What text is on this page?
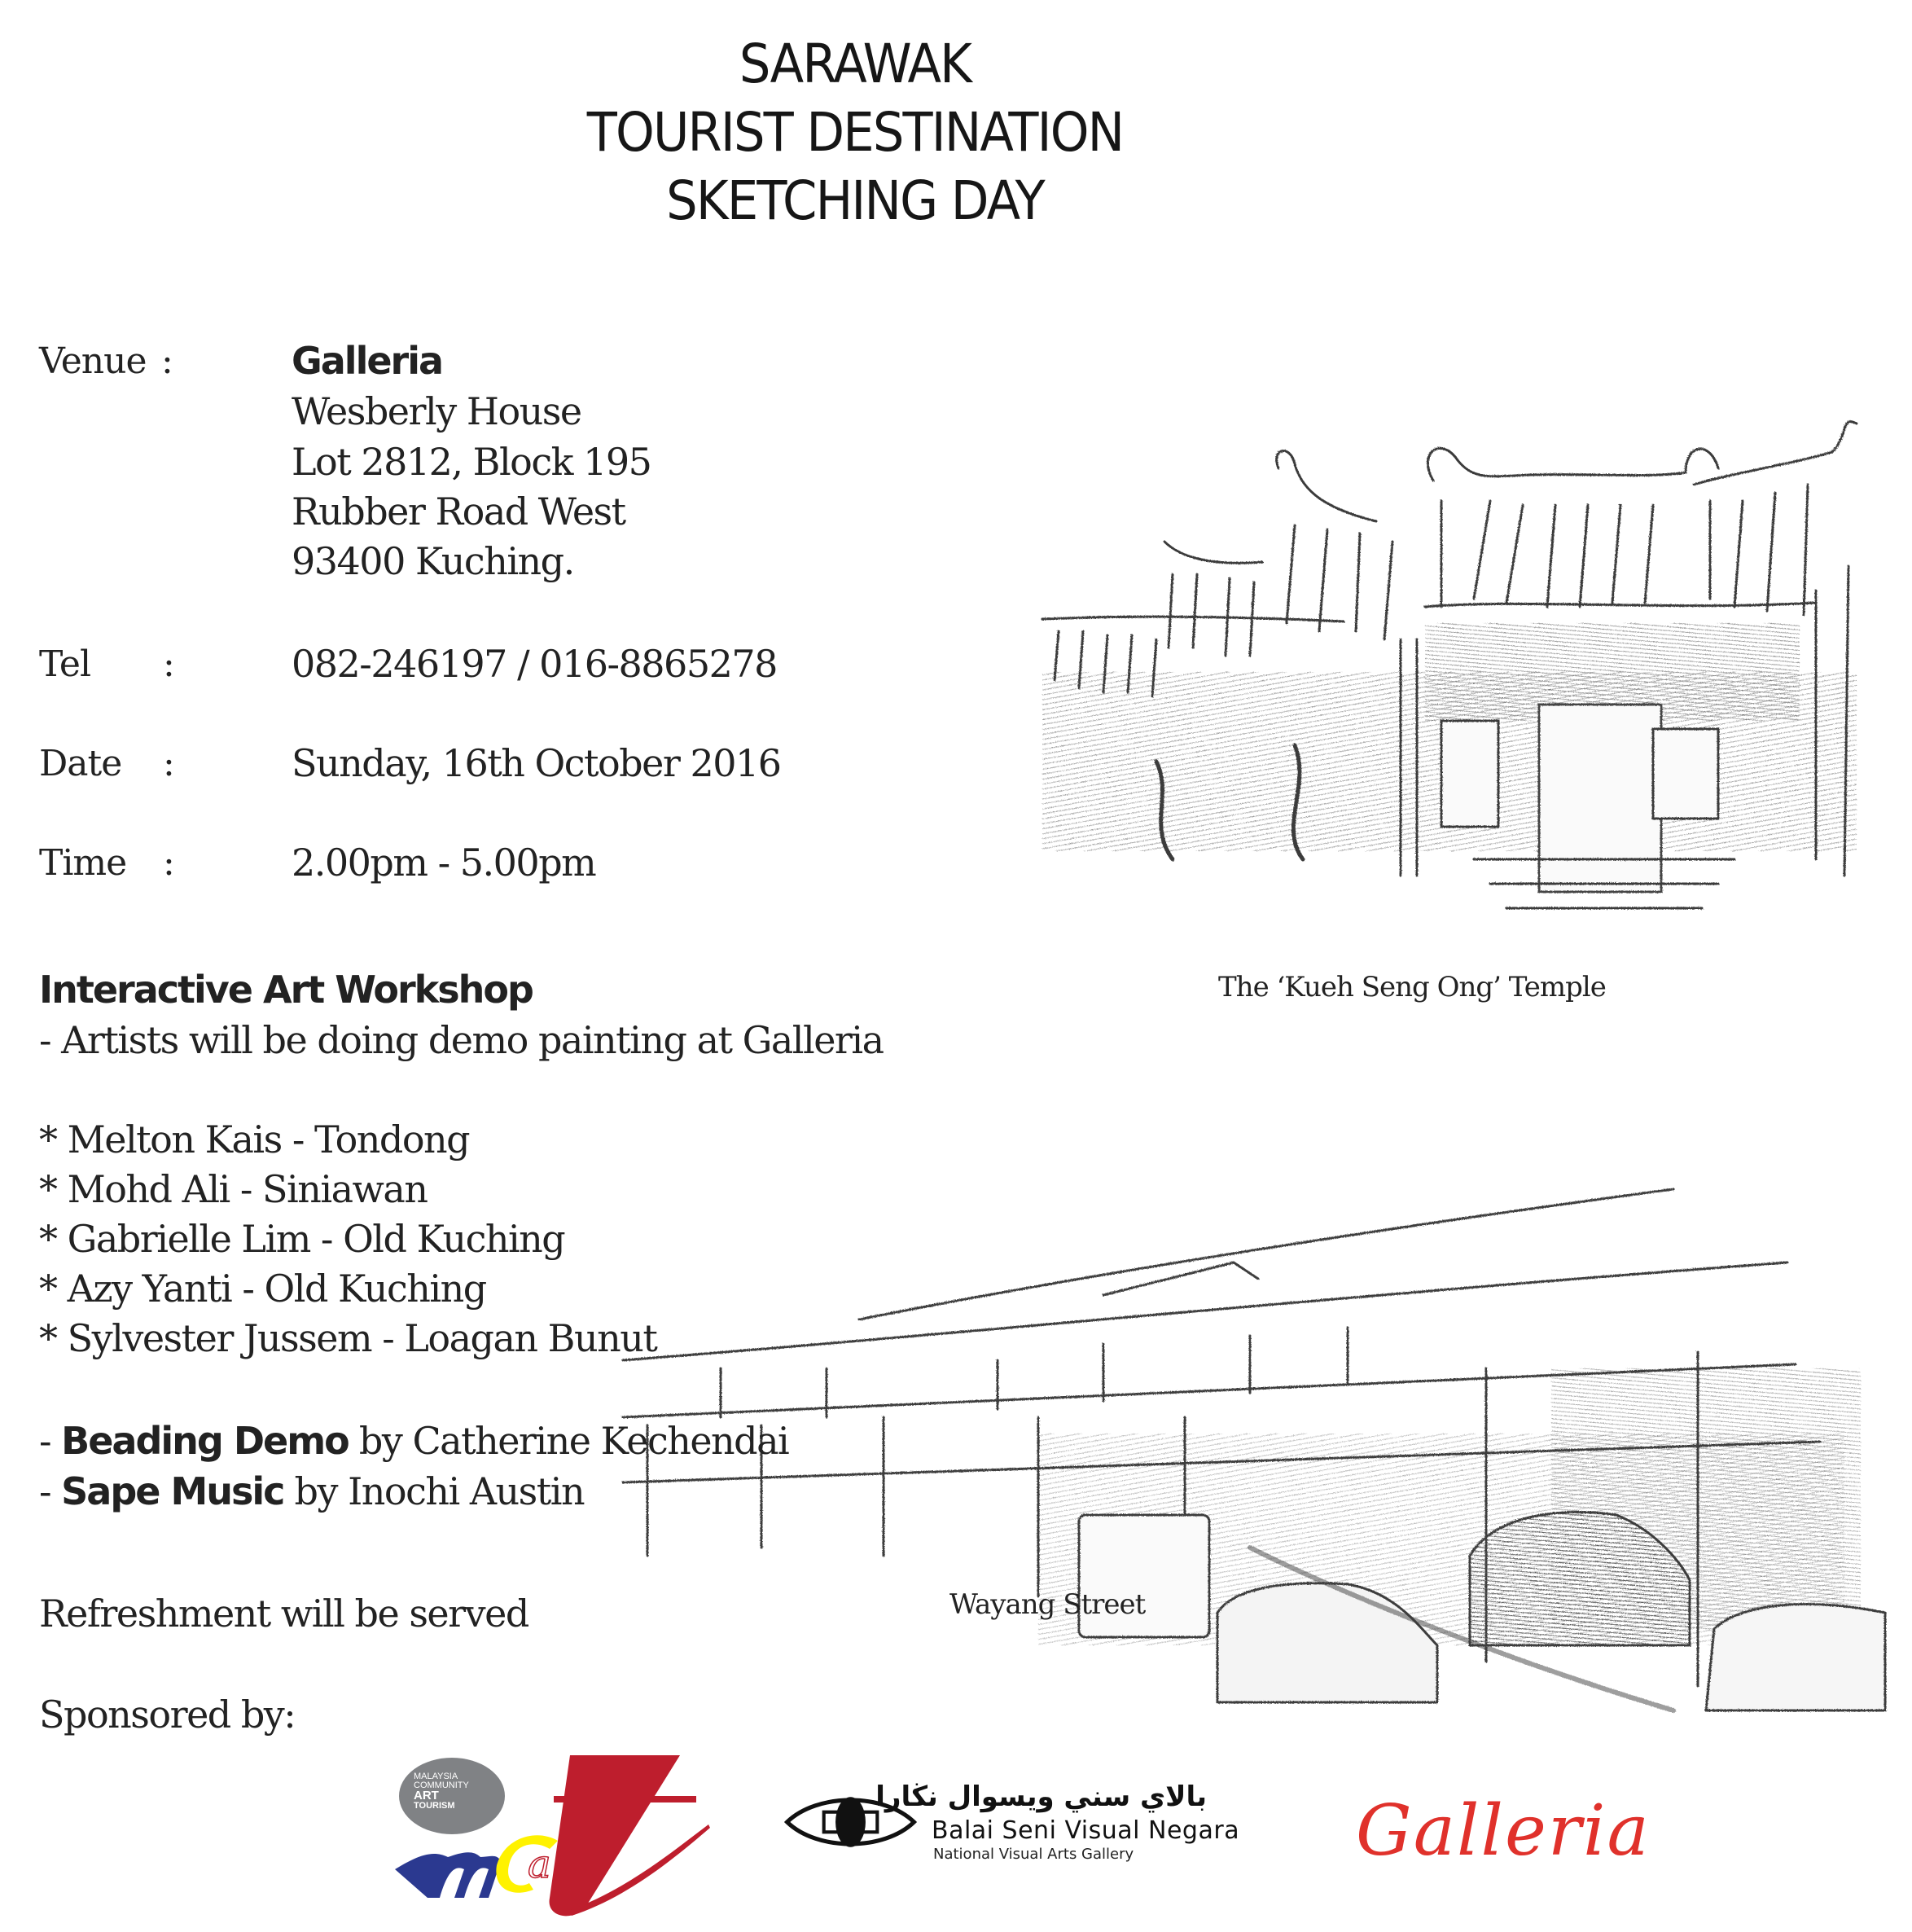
SARAWAK
TOURIST DESTINATION
SKETCHING DAY
Venue :	Galleria
Wesberly House
Lot 2812, Block 195
Rubber Road West
93400 Kuching.
Tel :	082-246197 / 016-8865278
Date :	Sunday, 16th October 2016
Time :	2.00pm - 5.00pm
Interactive Art Workshop
- Artists will be doing demo painting at Galleria
* Melton Kais - Tondong
* Mohd Ali - Siniawan
* Gabrielle Lim - Old Kuching
* Azy Yanti - Old Kuching
* Sylvester Jussem - Loagan Bunut
The ‘Kueh Seng Ong’ Temple
Wayang Street
- Beading Demo by Catherine Kechendai
- Sape Music by Inochi Austin
Refreshment will be served
Sponsored by:
a
MALAYSIA
COMMUNITY
ART
TOURISM	بالاي سني ويسوال نڬارا
Balai Seni Visual Negara
National Visual Arts Gallery	Galleria
